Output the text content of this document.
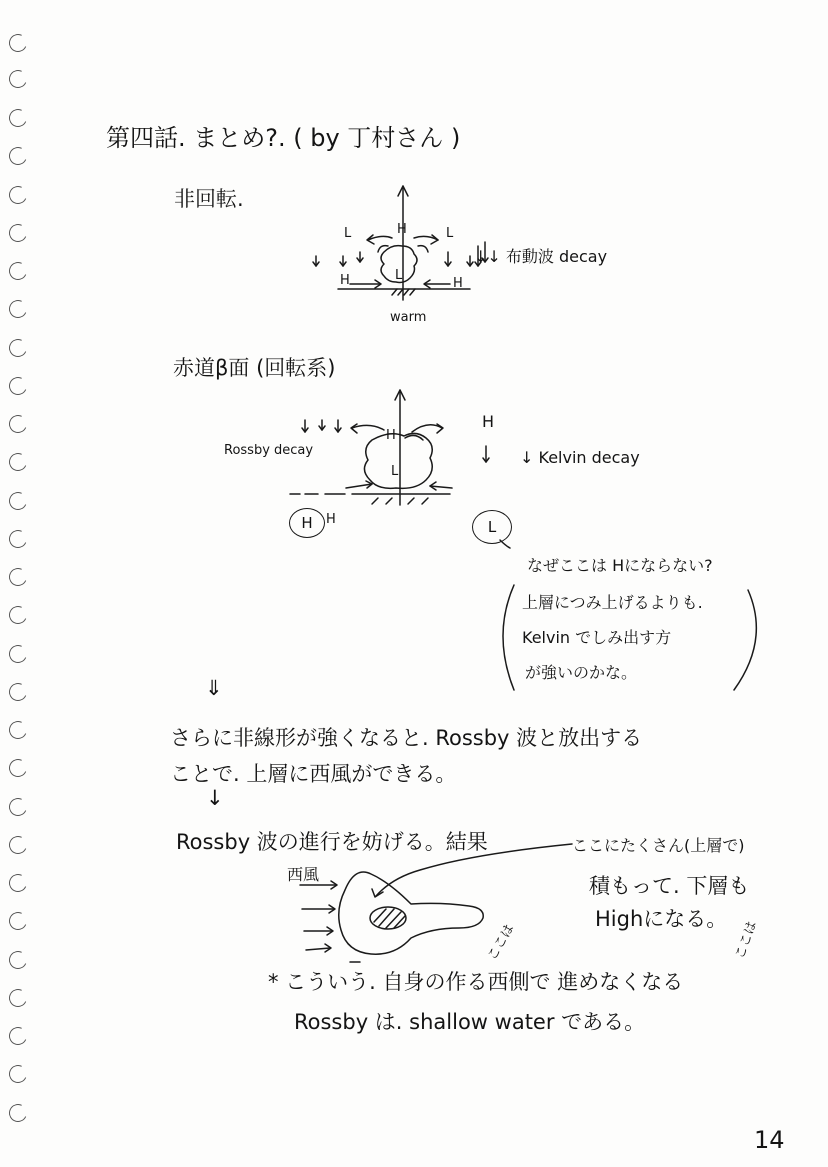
第四話. まとめ?. ( by 丁村さん )
非回転.
L	L
H
L
H	H
↓↓ 布動波 decay
warm
赤道β面 (回転系)
Rossby decay
H
L
H
↓ Kelvin decay
H	H	L
なぜここは Hにならない?
上層につみ上げるよりも.
Kelvin でしみ出す方
が強いのかな。
⇓
さらに非線形が強くなると. Rossby 波と放出する
ことで. 上層に西風ができる。
↓
Rossby 波の進行を妨げる。結果	ここにたくさん(上層で)
積もって. 下層も
Highになる。
西風
ここは	ここは
* こういう. 自身の作る西側で 進めなくなる
Rossby は. shallow water である。
14
